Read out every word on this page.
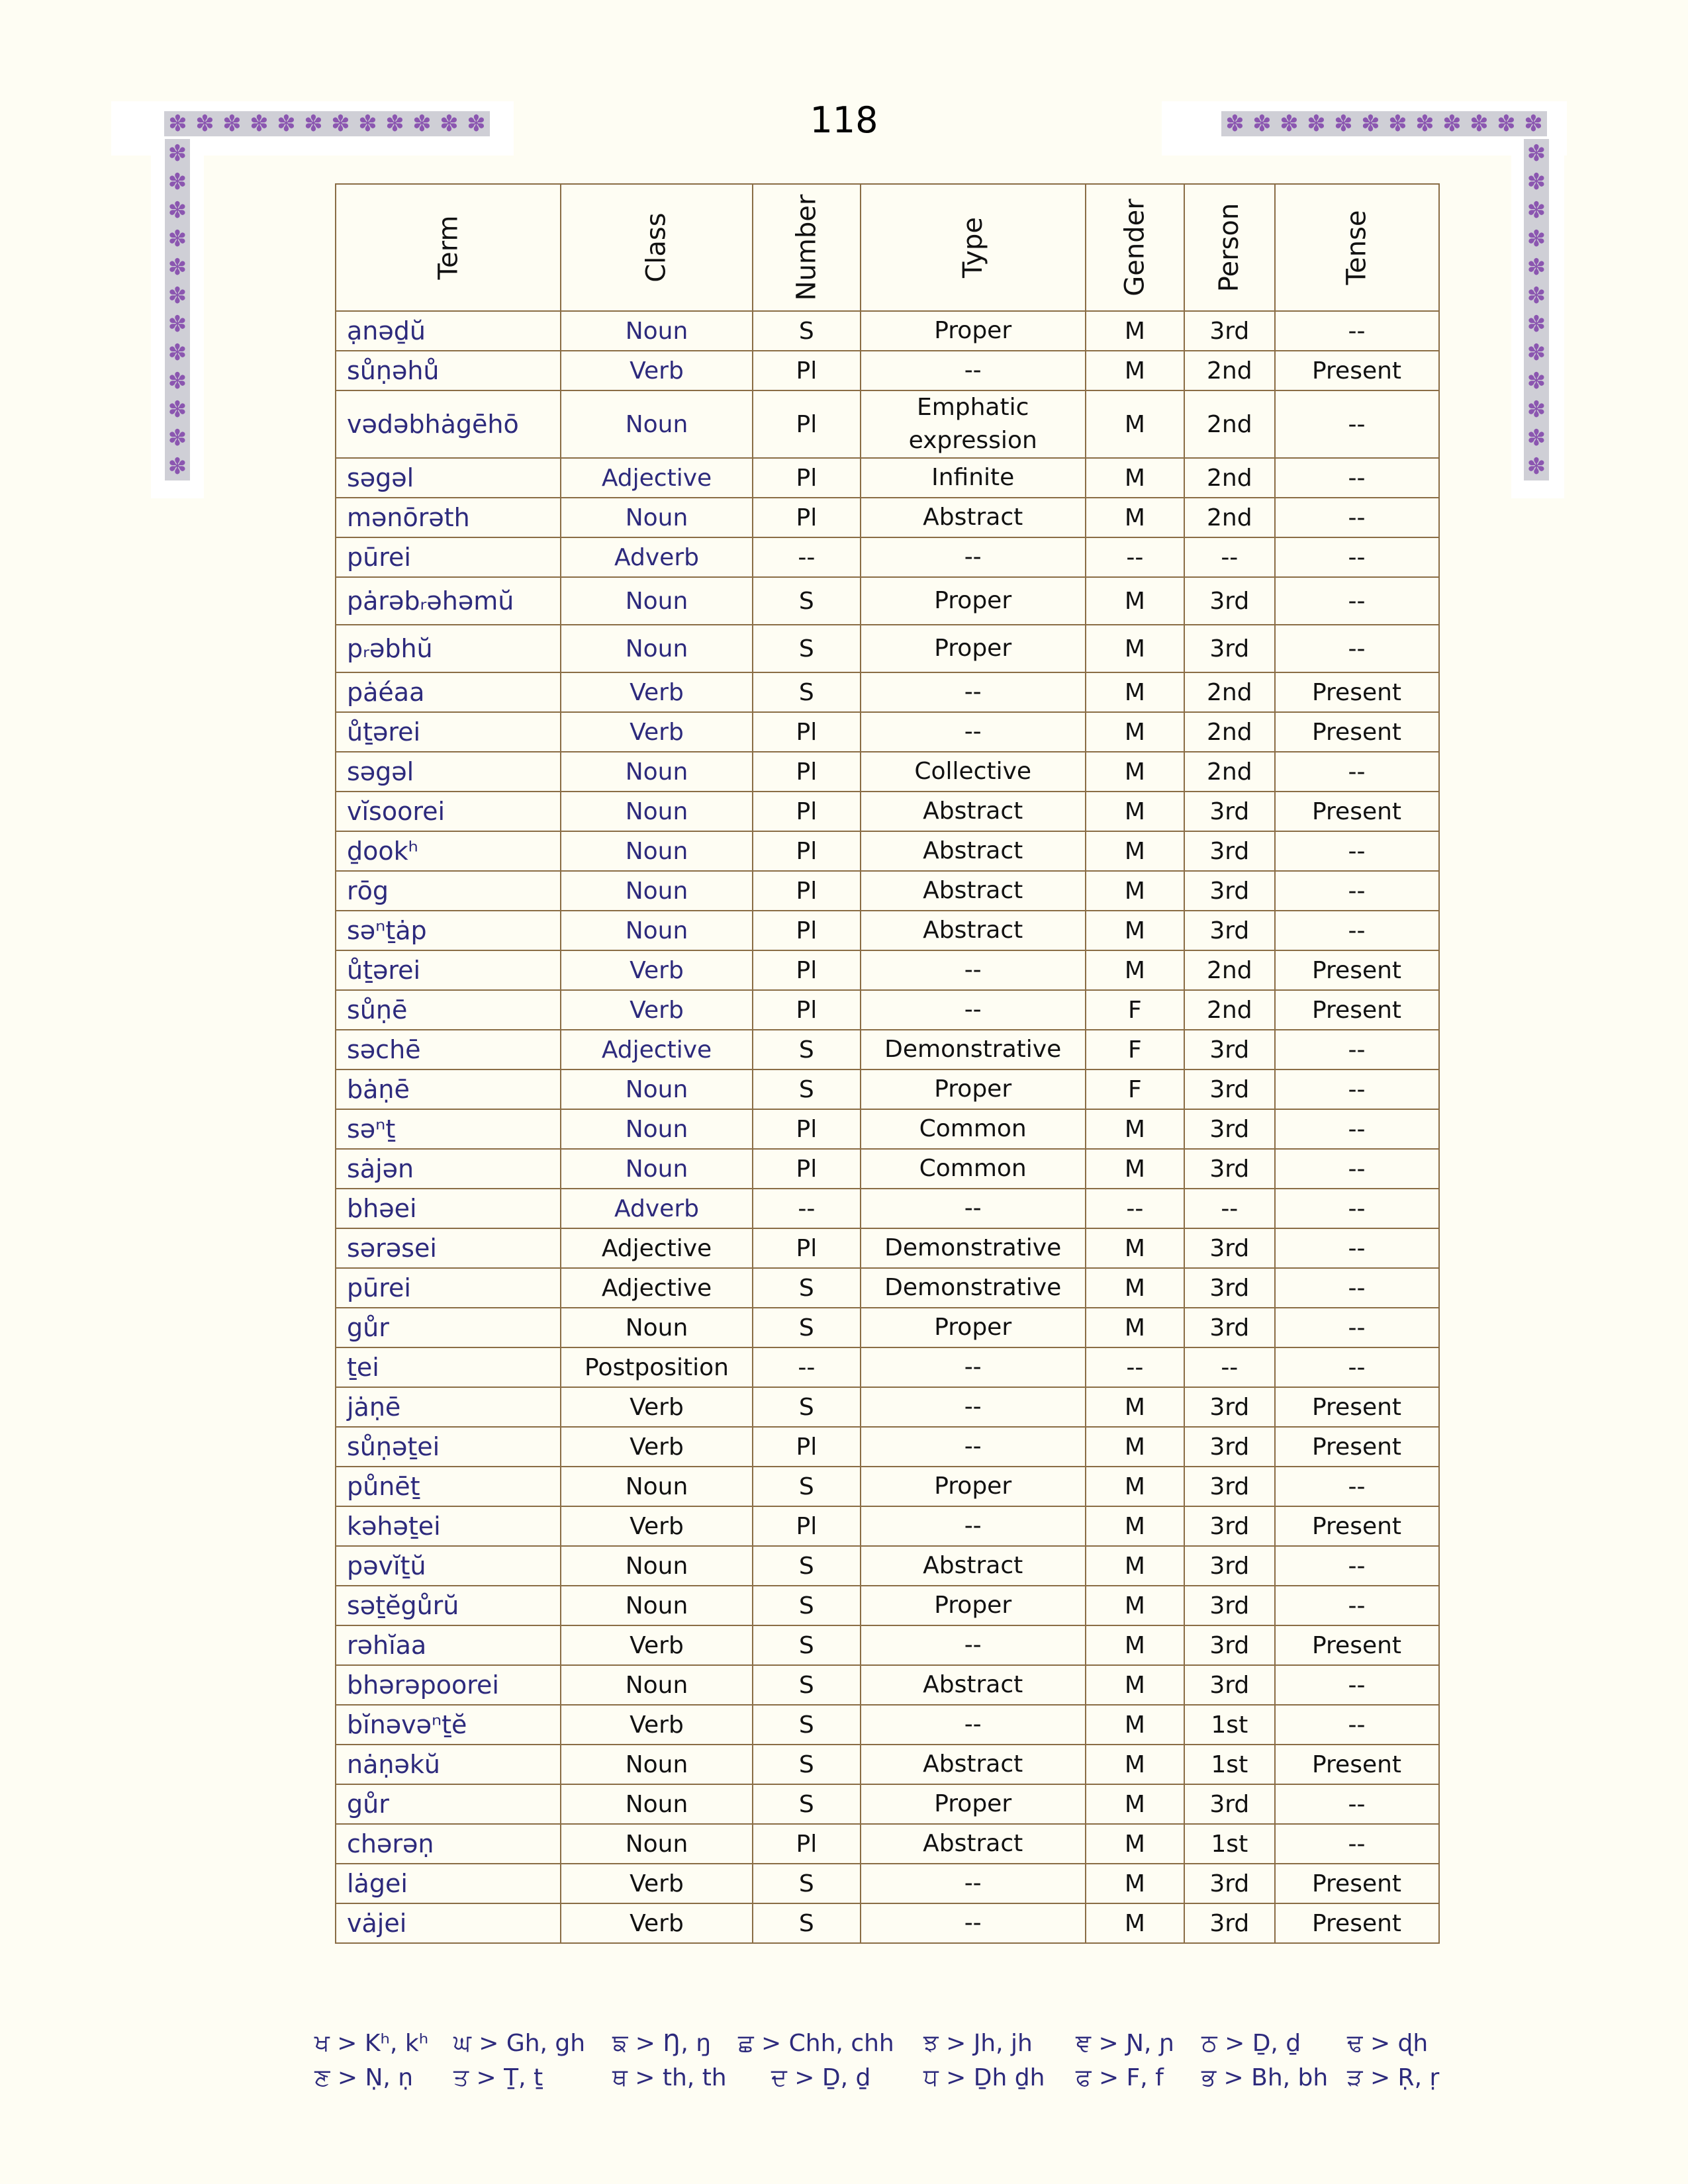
118
✽ ✽ ✽ ✽ ✽ ✽ ✽ ✽ ✽ ✽ ✽ ✽
✽
✽
✽
✽
✽
✽
✽
✽
✽
✽
✽
✽
✽ ✽ ✽ ✽ ✽ ✽ ✽ ✽ ✽ ✽ ✽ ✽
✽
✽
✽
✽
✽
✽
✽
✽
✽
✽
✽
✽
Term	Class	Number	Type	Gender	Person	Tense
ạnəḏŭ	Noun	S	Proper	M	3rd	--
sůṇəhů	Verb	Pl	--	M	2nd	Present
vədəbhȧgēhō	Noun	Pl	Emphatic expression	M	2nd	--
səgəl	Adjective	Pl	Infinite	M	2nd	--
mənōrəth	Noun	Pl	Abstract	M	2nd	--
pūrei	Adverb	--	--	--	--	--
pȧrəbᵣəhəmŭ	Noun	S	Proper	M	3rd	--
pᵣəbhŭ	Noun	S	Proper	M	3rd	--
pȧéaa	Verb	S	--	M	2nd	Present
ůṯərei	Verb	Pl	--	M	2nd	Present
səgəl	Noun	Pl	Collective	M	2nd	--
vĭsoorei	Noun	Pl	Abstract	M	3rd	Present
ḏookʰ	Noun	Pl	Abstract	M	3rd	--
rōg	Noun	Pl	Abstract	M	3rd	--
səⁿṯȧp	Noun	Pl	Abstract	M	3rd	--
ůṯərei	Verb	Pl	--	M	2nd	Present
sůṇē	Verb	Pl	--	F	2nd	Present
səchē	Adjective	S	Demonstrative	F	3rd	--
bȧṇē	Noun	S	Proper	F	3rd	--
səⁿṯ	Noun	Pl	Common	M	3rd	--
sȧjən	Noun	Pl	Common	M	3rd	--
bhəei	Adverb	--	--	--	--	--
sərəsei	Adjective	Pl	Demonstrative	M	3rd	--
pūrei	Adjective	S	Demonstrative	M	3rd	--
gůr	Noun	S	Proper	M	3rd	--
ṯei	Postposition	--	--	--	--	--
jȧṇē	Verb	S	--	M	3rd	Present
sůṇəṯei	Verb	Pl	--	M	3rd	Present
půnēṯ	Noun	S	Proper	M	3rd	--
kəhəṯei	Verb	Pl	--	M	3rd	Present
pəvĭṯŭ	Noun	S	Abstract	M	3rd	--
səṯĕgůrŭ	Noun	S	Proper	M	3rd	--
rəhĭaa	Verb	S	--	M	3rd	Present
bhərəpoorei	Noun	S	Abstract	M	3rd	--
bĭnəvəⁿṯĕ	Verb	S	--	M	1st	--
nȧṇəkŭ	Noun	S	Abstract	M	1st	Present
gůr	Noun	S	Proper	M	3rd	--
chərəṇ	Noun	Pl	Abstract	M	1st	--
lȧgei	Verb	S	--	M	3rd	Present
vȧjei	Verb	S	--	M	3rd	Present
ਖ > Kʰ, kʰ ਘ > Gh, gh ਙ > Ŋ, ŋ ਛ > Chh, chh ਝ > Jh, jh ਞ > Ɲ, ɲ ਠ > Ḏ, ḏ ਢ > ɖh
ਣ > Ṇ, ṇ ਤ > Ṯ, ṯ	ਥ > th, th ਦ > Ḏ, ḏ ਧ > Ḏh ḏh ਫ > F, f ਭ > Bh, bh ੜ > Ṛ, ṛ
